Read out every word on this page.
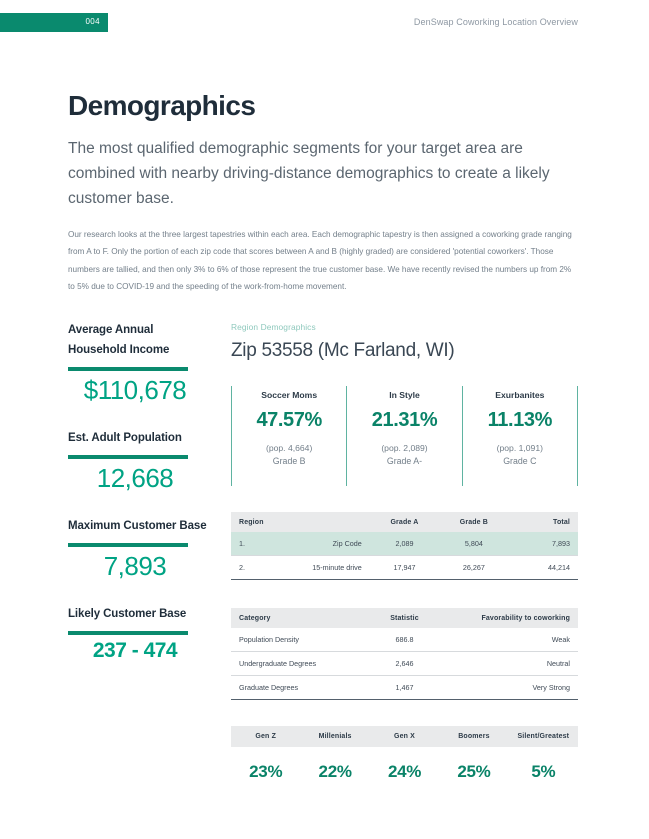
004	DenSwap Coworking Location Overview
Demographics

The most qualified demographic segments for your target area are combined with nearby driving-distance demographics to create a likely customer base.

Our research looks at the three largest tapestries within each area. Each demographic tapestry is then assigned a coworking grade ranging from A to F. Only the portion of each zip code that scores between A and B (highly graded) are considered 'potential coworkers'. Those numbers are tallied, and then only 3% to 6% of those represent the true customer base. We have recently revised the numbers up from 2% to 5% due to COVID-19 and the speeding of the work-from-home movement.

Average Annual Household Income
$110,678
Est. Adult Population
12,668
Maximum Customer Base
7,893
Likely Customer Base
237 - 474
Region Demographics
Zip 53558 (Mc Farland, WI)
Soccer Moms
47.57%
(pop. 4,664)
Grade B
In Style
21.31%
(pop. 2,089)
Grade A-
Exurbanites
11.13%
(pop. 1,091)
Grade C
Region		Grade A	Grade B	Total
1.	Zip Code	2,089	5,804	7,893
2.	15-minute drive	17,947	26,267	44,214
Category	Statistic	Favorability to coworking
Population Density	686.8	Weak
Undergraduate Degrees	2,646	Neutral
Graduate Degrees	1,467	Very Strong
Gen Z	Millenials	Gen X	Boomers	Silent/Greatest
23%	22%	24%	25%	5%
